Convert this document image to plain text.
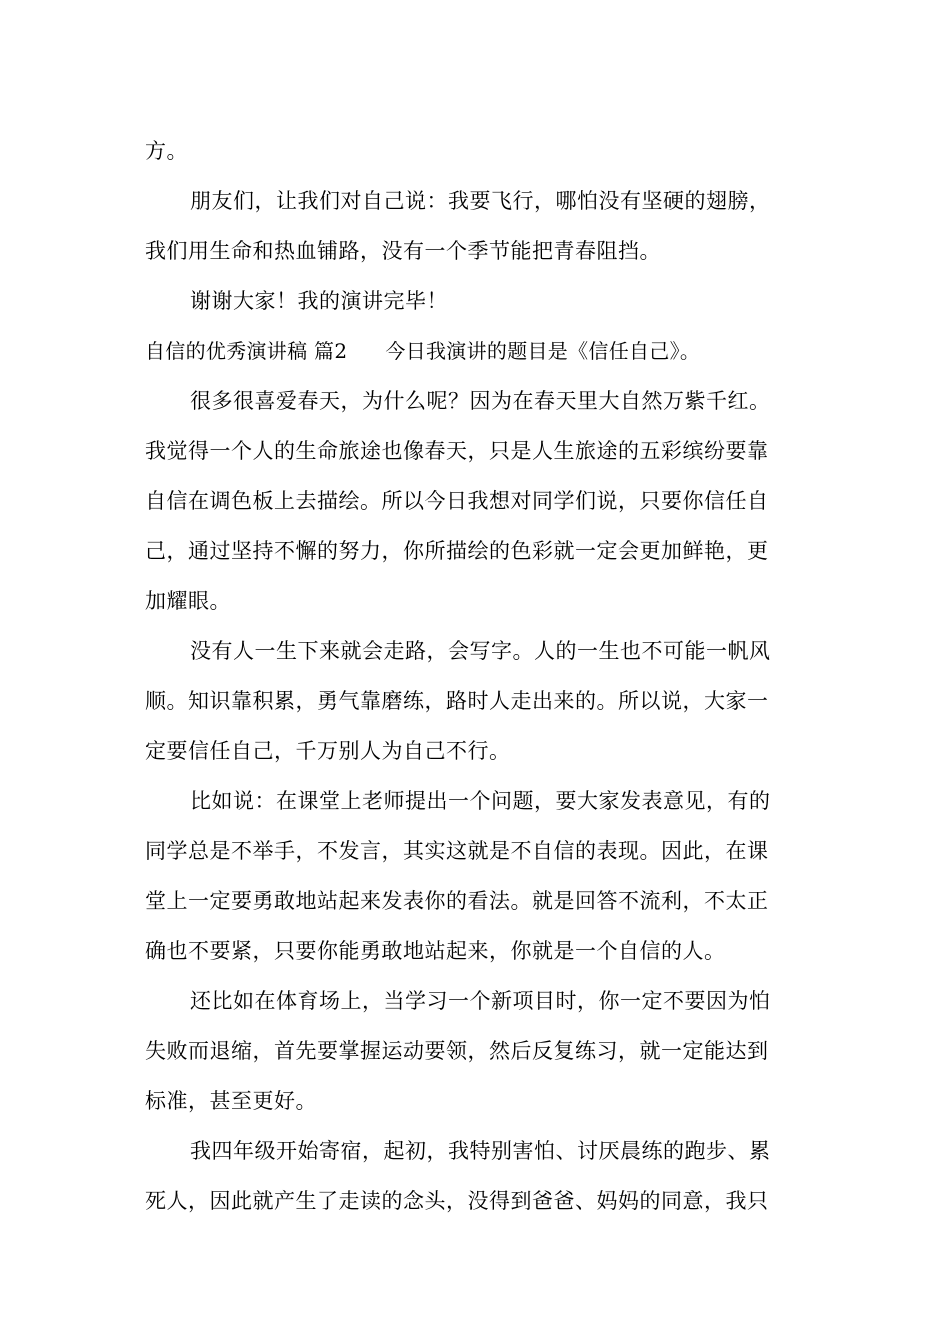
方。
朋友们，让我们对自己说：我要飞行，哪怕没有坚硬的翅膀，
我们用生命和热血铺路，没有一个季节能把青春阻挡。
谢谢大家！我的演讲完毕！
自信的优秀演讲稿 篇2 今日我演讲的题目是《信任自己》。
很多很喜爱春天，为什么呢？因为在春天里大自然万紫千红。
我觉得一个人的生命旅途也像春天，只是人生旅途的五彩缤纷要靠
自信在调色板上去描绘。所以今日我想对同学们说，只要你信任自
己，通过坚持不懈的努力，你所描绘的色彩就一定会更加鲜艳，更
加耀眼。
没有人一生下来就会走路，会写字。人的一生也不可能一帆风
顺。知识靠积累，勇气靠磨练，路时人走出来的。所以说，大家一
定要信任自己，千万别人为自己不行。
比如说：在课堂上老师提出一个问题，要大家发表意见，有的
同学总是不举手，不发言，其实这就是不自信的表现。因此，在课
堂上一定要勇敢地站起来发表你的看法。就是回答不流利，不太正
确也不要紧，只要你能勇敢地站起来，你就是一个自信的人。
还比如在体育场上，当学习一个新项目时，你一定不要因为怕
失败而退缩，首先要掌握运动要领，然后反复练习，就一定能达到
标准，甚至更好。
我四年级开始寄宿，起初，我特别害怕、讨厌晨练的跑步、累
死人，因此就产生了走读的念头，没得到爸爸、妈妈的同意，我只
